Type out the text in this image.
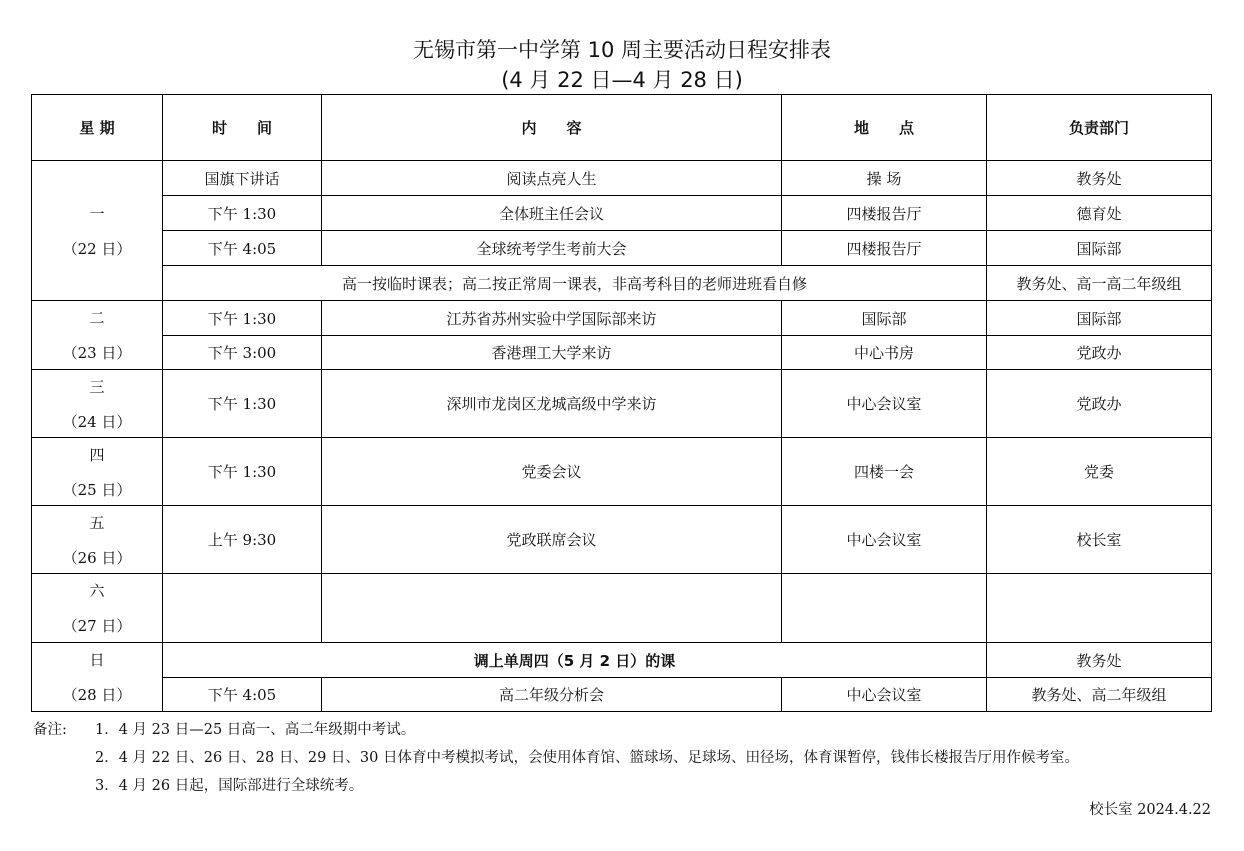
无锡市第一中学第 10 周主要活动日程安排表
(4 月 22 日—4 月 28 日)
星 期	时　　间	内　　容	地　　点	负责部门

一
（22 日）	国旗下讲话	阅读点亮人生	操 场	教务处
	下午 1:30	全体班主任会议	四楼报告厅	德育处
	下午 4:05	全球统考学生考前大会	四楼报告厅	国际部
	高一按临时课表；高二按正常周一课表，非高考科目的老师进班看自修			教务处、高一高二年级组

二
（23 日）	下午 1:30	江苏省苏州实验中学国际部来访	国际部	国际部
	下午 3:00	香港理工大学来访	中心书房	党政办

三
（24 日）	下午 1:30	深圳市龙岗区龙城高级中学来访	中心会议室	党政办

四
（25 日）	下午 1:30	党委会议	四楼一会	党委

五
（26 日）	上午 9:30	党政联席会议	中心会议室	校长室

六
（27 日）				

日
（28 日）	调上单周四（5 月 2 日）的课			教务处
	下午 4:05	高二年级分析会	中心会议室	教务处、高二年级组
备注: 1．4 月 23 日—25 日高一、高二年级期中考试。
2．4 月 22 日、26 日、28 日、29 日、30 日体育中考模拟考试，会使用体育馆、篮球场、足球场、田径场，体育课暂停，钱伟长楼报告厅用作候考室。
3．4 月 26 日起，国际部进行全球统考。
校长室 2024.4.22
